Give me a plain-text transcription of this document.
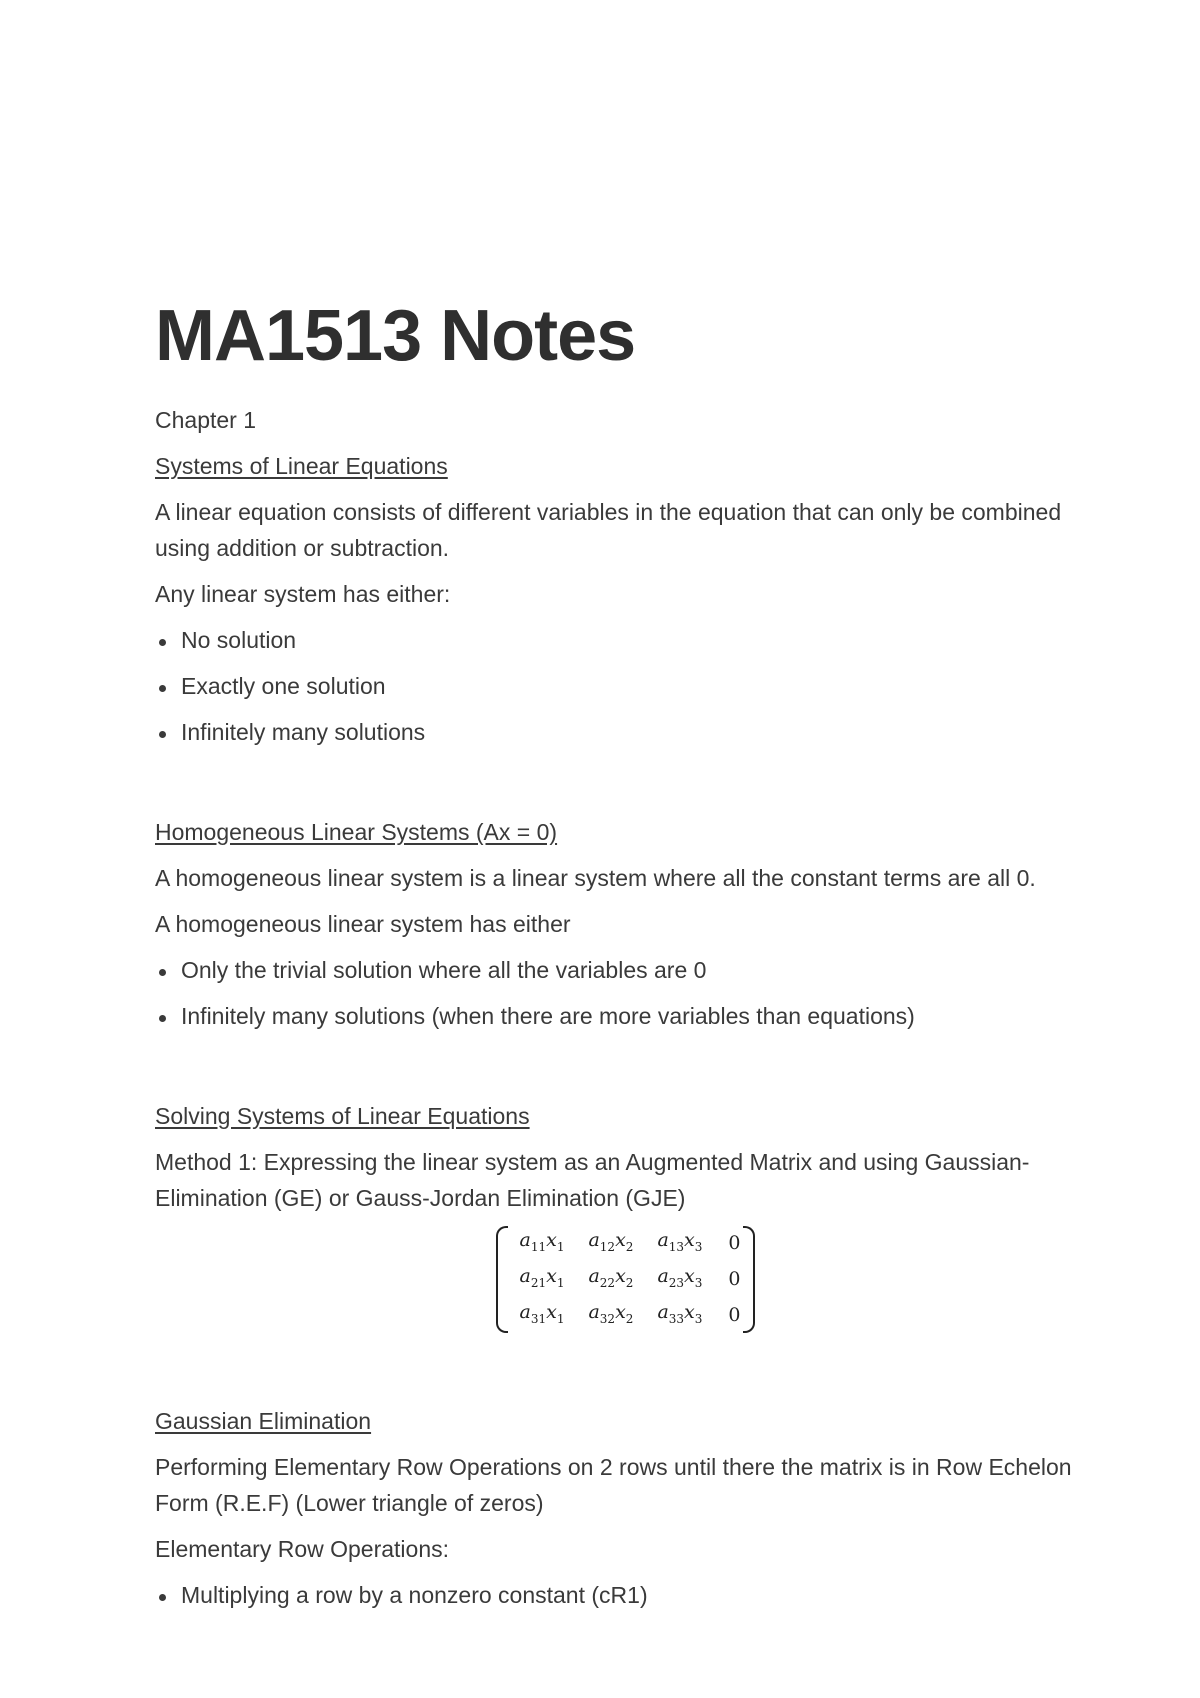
MA1513 Notes

Chapter 1

Systems of Linear Equations

A linear equation consists of different variables in the equation that can only be combined using addition or subtraction.

Any linear system has either:

No solution
Exactly one solution
Infinitely many solutions

Homogeneous Linear Systems (Ax = 0)

A homogeneous linear system is a linear system where all the constant terms are all 0.

A homogeneous linear system has either

Only the trivial solution where all the variables are 0
Infinitely many solutions (when there are more variables than equations)

Solving Systems of Linear Equations

Method 1: Expressing the linear system as an Augmented Matrix and using Gaussian-Elimination (GE) or Gauss-Jordan Elimination (GJE)

$a_{11}x_1$	$a_{12}x_2$	$a_{13}x_3$	0
$a_{21}x_1$	$a_{22}x_2$	$a_{23}x_3$	0
$a_{31}x_1$	$a_{32}x_2$	$a_{33}x_3$	0

Gaussian Elimination

Performing Elementary Row Operations on 2 rows until there the matrix is in Row Echelon Form (R.E.F) (Lower triangle of zeros)

Elementary Row Operations:

Multiplying a row by a nonzero constant (cR1)
